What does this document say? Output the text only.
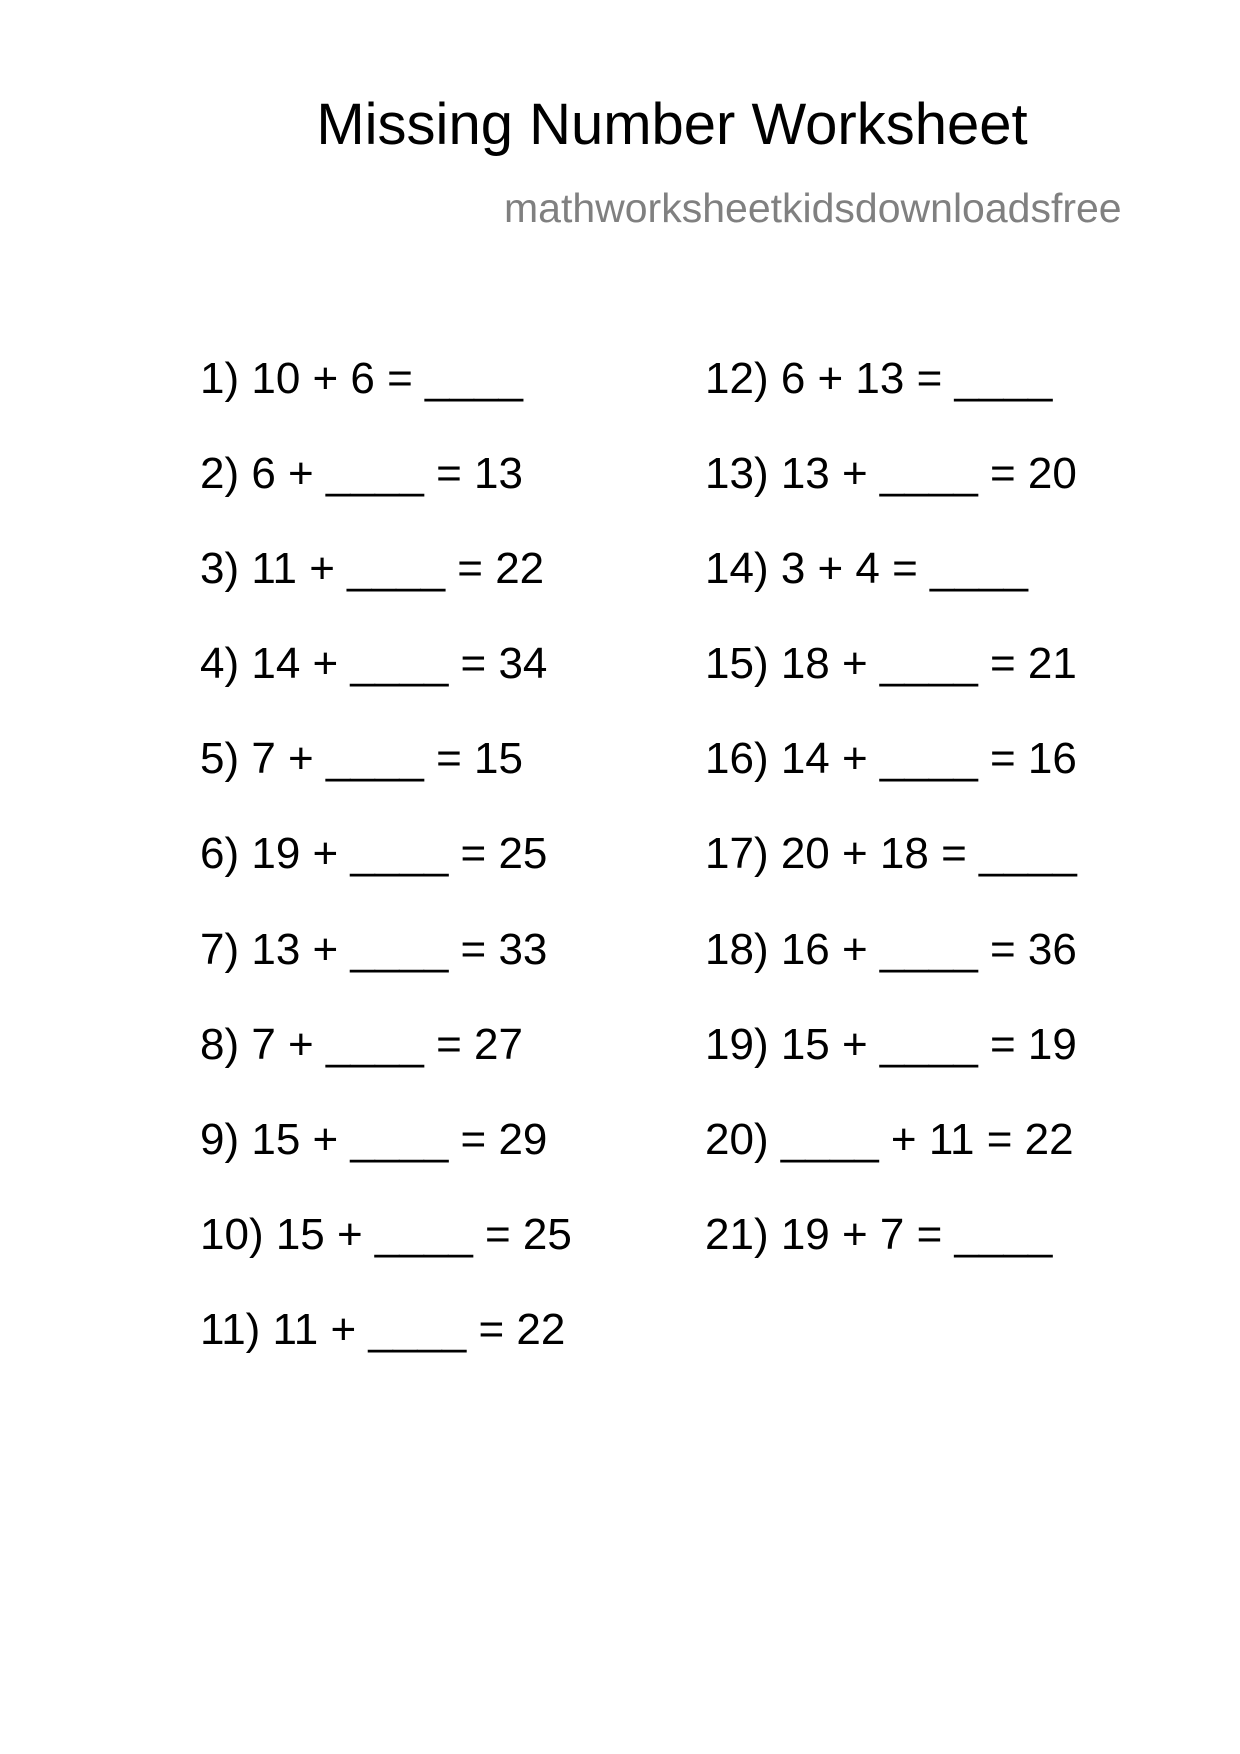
Missing Number Worksheet
mathworksheetkidsdownloadsfree
1) 10 + 6 = ____
2) 6 + ____ = 13
3) 11 + ____ = 22
4) 14 + ____ = 34
5) 7 + ____ = 15
6) 19 + ____ = 25
7) 13 + ____ = 33
8) 7 + ____ = 27
9) 15 + ____ = 29
10) 15 + ____ = 25
11) 11 + ____ = 22
12) 6 + 13 = ____
13) 13 + ____ = 20
14) 3 + 4 = ____
15) 18 + ____ = 21
16) 14 + ____ = 16
17) 20 + 18 = ____
18) 16 + ____ = 36
19) 15 + ____ = 19
20) ____ + 11 = 22
21) 19 + 7 = ____
